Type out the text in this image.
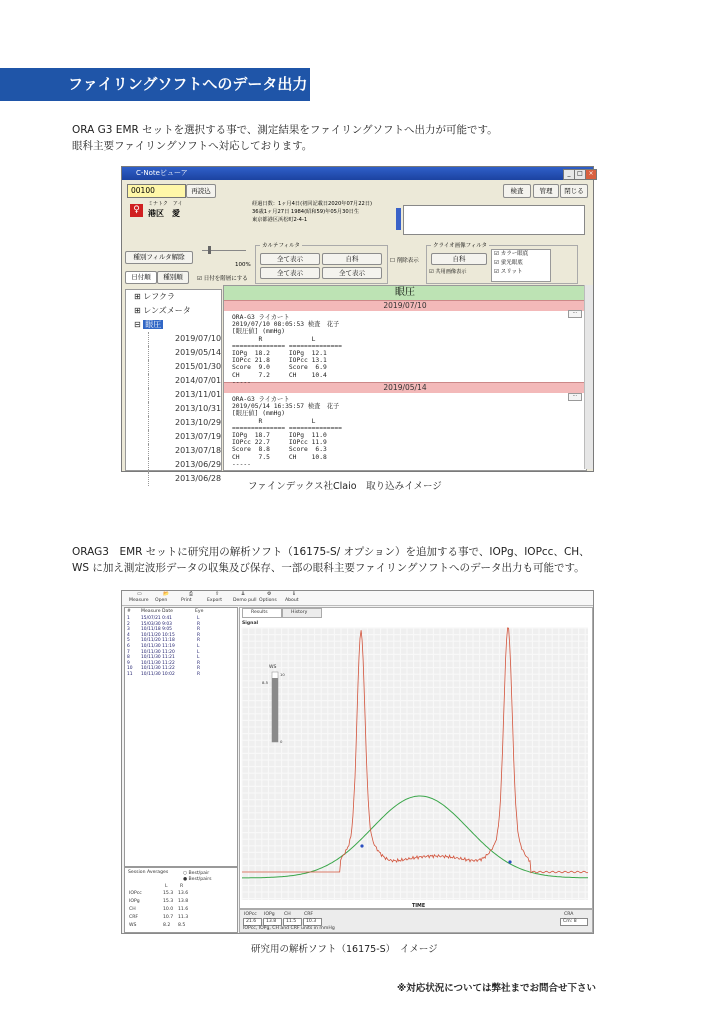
ファイリングソフトへのデータ出力
ORA G3 EMR セットを選択する事で、測定結果をファイリングソフトへ出力が可能です。
眼科主要ファイリングソフトへ対応しております。
C-Noteビューア	_	□ ×
00100	再読込	検査	管理	閉じる
♀
ミナトク　アイ
港区　愛
経過日数：1ヶ月4日(初回記載日2020年07月22日)
36歳1ヶ月27日 1984(昭和59)年05月30日生
東京都港区浜松町2-4-1
種別フィルタ解除
100%
日付順	種別順	☑ 日付を階層にする
カルテフィルタ
全て表示	自科
全て表示	全て表示
☐ 削除表示
クライオ画像フィルタ
自科
☑ 共用画像表示
☑ カラー眼底
☑ 蛍光眼底
☑ スリット
⊞ レフクラ
⊞ レンズメータ
⊟ 眼圧
2019/07/10
2019/05/14
2015/01/30
2014/07/01
2013/11/01
2013/10/31
2013/10/29
2013/07/19
2013/07/18
2013/06/29
2013/06/28
眼圧
2019/07/10
ORA-G3 ライカート
2019/07/10 08:05:53 検査　花子
[眼圧値] (mmHg)
R             L
============== ==============
IOPg  18.2     IOPg  12.1
IOPcc 21.8     IOPcc 13.1
Score  9.0     Score  6.9
CH     7.2     CH    10.4
-----
2019/05/14
ORA-G3 ライカート
2019/05/14 16:35:57 検査　花子
[眼圧値] (mmHg)
R             L
============== ==============
IOPg  18.7     IOPg  11.0
IOPcc 22.7     IOPcc 11.9
Score  8.8     Score  6.3
CH     7.5     CH    10.8
-----
⋯
⋯
ファインデックス社Claio　取り込みイメージ
ORAG3　EMR セットに研究用の解析ソフト（16175-S/ オプション）を追加する事で、IOPg、IOPcc、CH、
WS に加え測定波形データの収集及び保存、一部の眼科主要ファイリングソフトへのデータ出力も可能です。
▭
Measure
📂
Open
⎙
Print
⇪
Export
⇊
Demo pull
⚙
Options
ℹ
About
# Measure Date	Eye
1	15/07/21 0:41	L
2	15/03/30 9:03	R
3	10/11/18 9:05	R
4	10/11/20 10:15	R
5	10/11/20 11:18	R
6	10/11/30 11:19	L
7	10/11/30 11:20	L
8	10/11/30 11:21	L
9	10/11/30 11:22	R
10 10/11/30 11:22	R
11 10/11/30 10:02	R
Session Averages	○ Best/pair
● Best/pairs
L	R
IOPcc	15.3 13.6
IOPg	15.3 13.8
CH	10.0 11.6
CRF	10.7 11.3
WS	8.2 8.5
Results	History
Signal
WS
10
8.5
0
TIME
IOPcc
21.6
IOPg
13.8
CH
11.5
CRF
10.3
CRA
Cm: 8
IOPcc, IOPg, CH and CRF units in mmHg
研究用の解析ソフト（16175-S）　イメージ
※対応状況については弊社までお問合せ下さい
